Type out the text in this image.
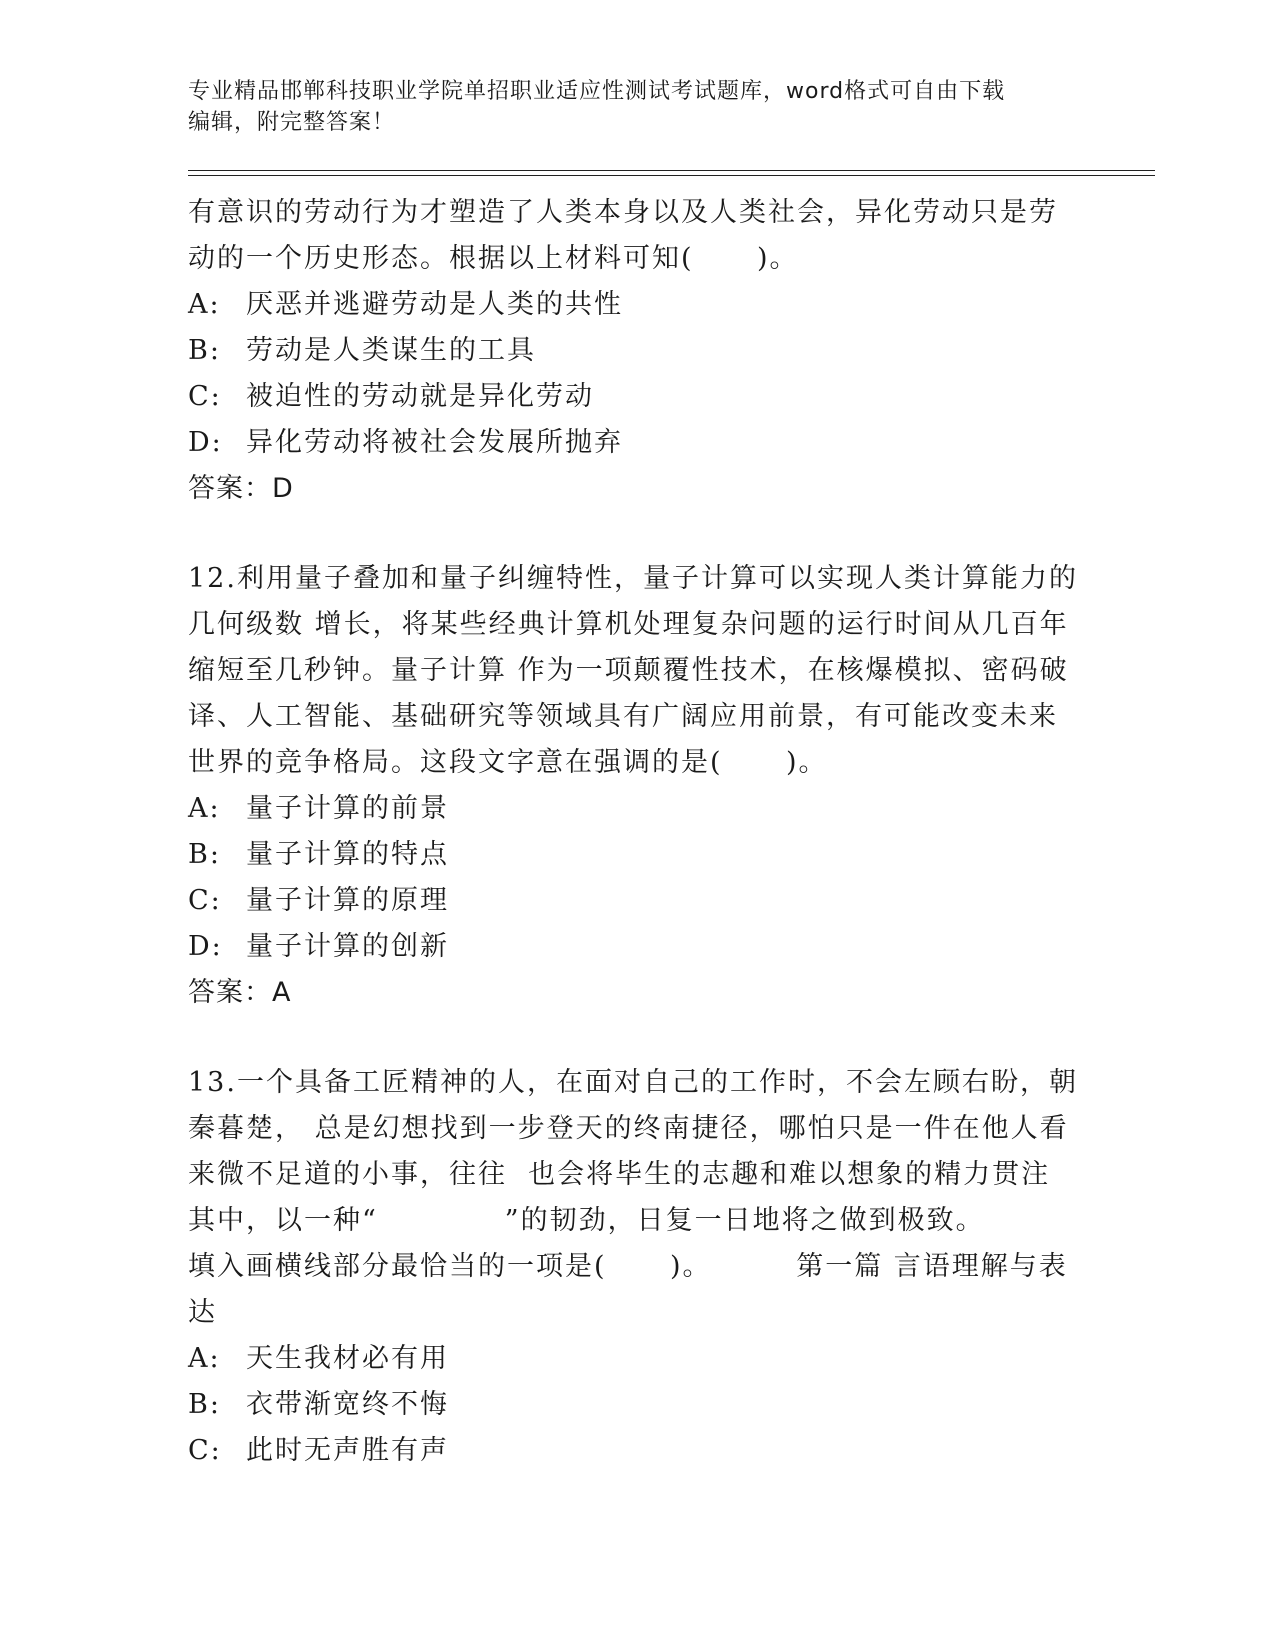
专业精品邯郸科技职业学院单招职业适应性测试考试题库，word格式可自由下载
编辑，附完整答案！
有意识的劳动行为才塑造了人类本身以及人类社会，异化劳动只是劳
动的一个历史形态。根据以上材料可知(      )。
A: 厌恶并逃避劳动是人类的共性
B: 劳动是人类谋生的工具
C: 被迫性的劳动就是异化劳动
D: 异化劳动将被社会发展所抛弃
答案：D
12.利用量子叠加和量子纠缠特性，量子计算可以实现人类计算能力的
几何级数 增长，将某些经典计算机处理复杂问题的运行时间从几百年
缩短至几秒钟。量子计算 作为一项颠覆性技术，在核爆模拟、密码破
译、人工智能、基础研究等领域具有广阔应用前景，有可能改变未来
世界的竞争格局。这段文字意在强调的是(      )。
A: 量子计算的前景
B: 量子计算的特点
C: 量子计算的原理
D: 量子计算的创新
答案：A
13.一个具备工匠精神的人，在面对自己的工作时，不会左顾右盼，朝
秦暮楚， 总是幻想找到一步登天的终南捷径，哪怕只是一件在他人看
来微不足道的小事，往往  也会将毕生的志趣和难以想象的精力贯注
其中，以一种“            ”的韧劲，日复一日地将之做到极致。
填入画横线部分最恰当的一项是(      )。        第一篇 言语理解与表
达
A: 天生我材必有用
B: 衣带渐宽终不悔
C: 此时无声胜有声
